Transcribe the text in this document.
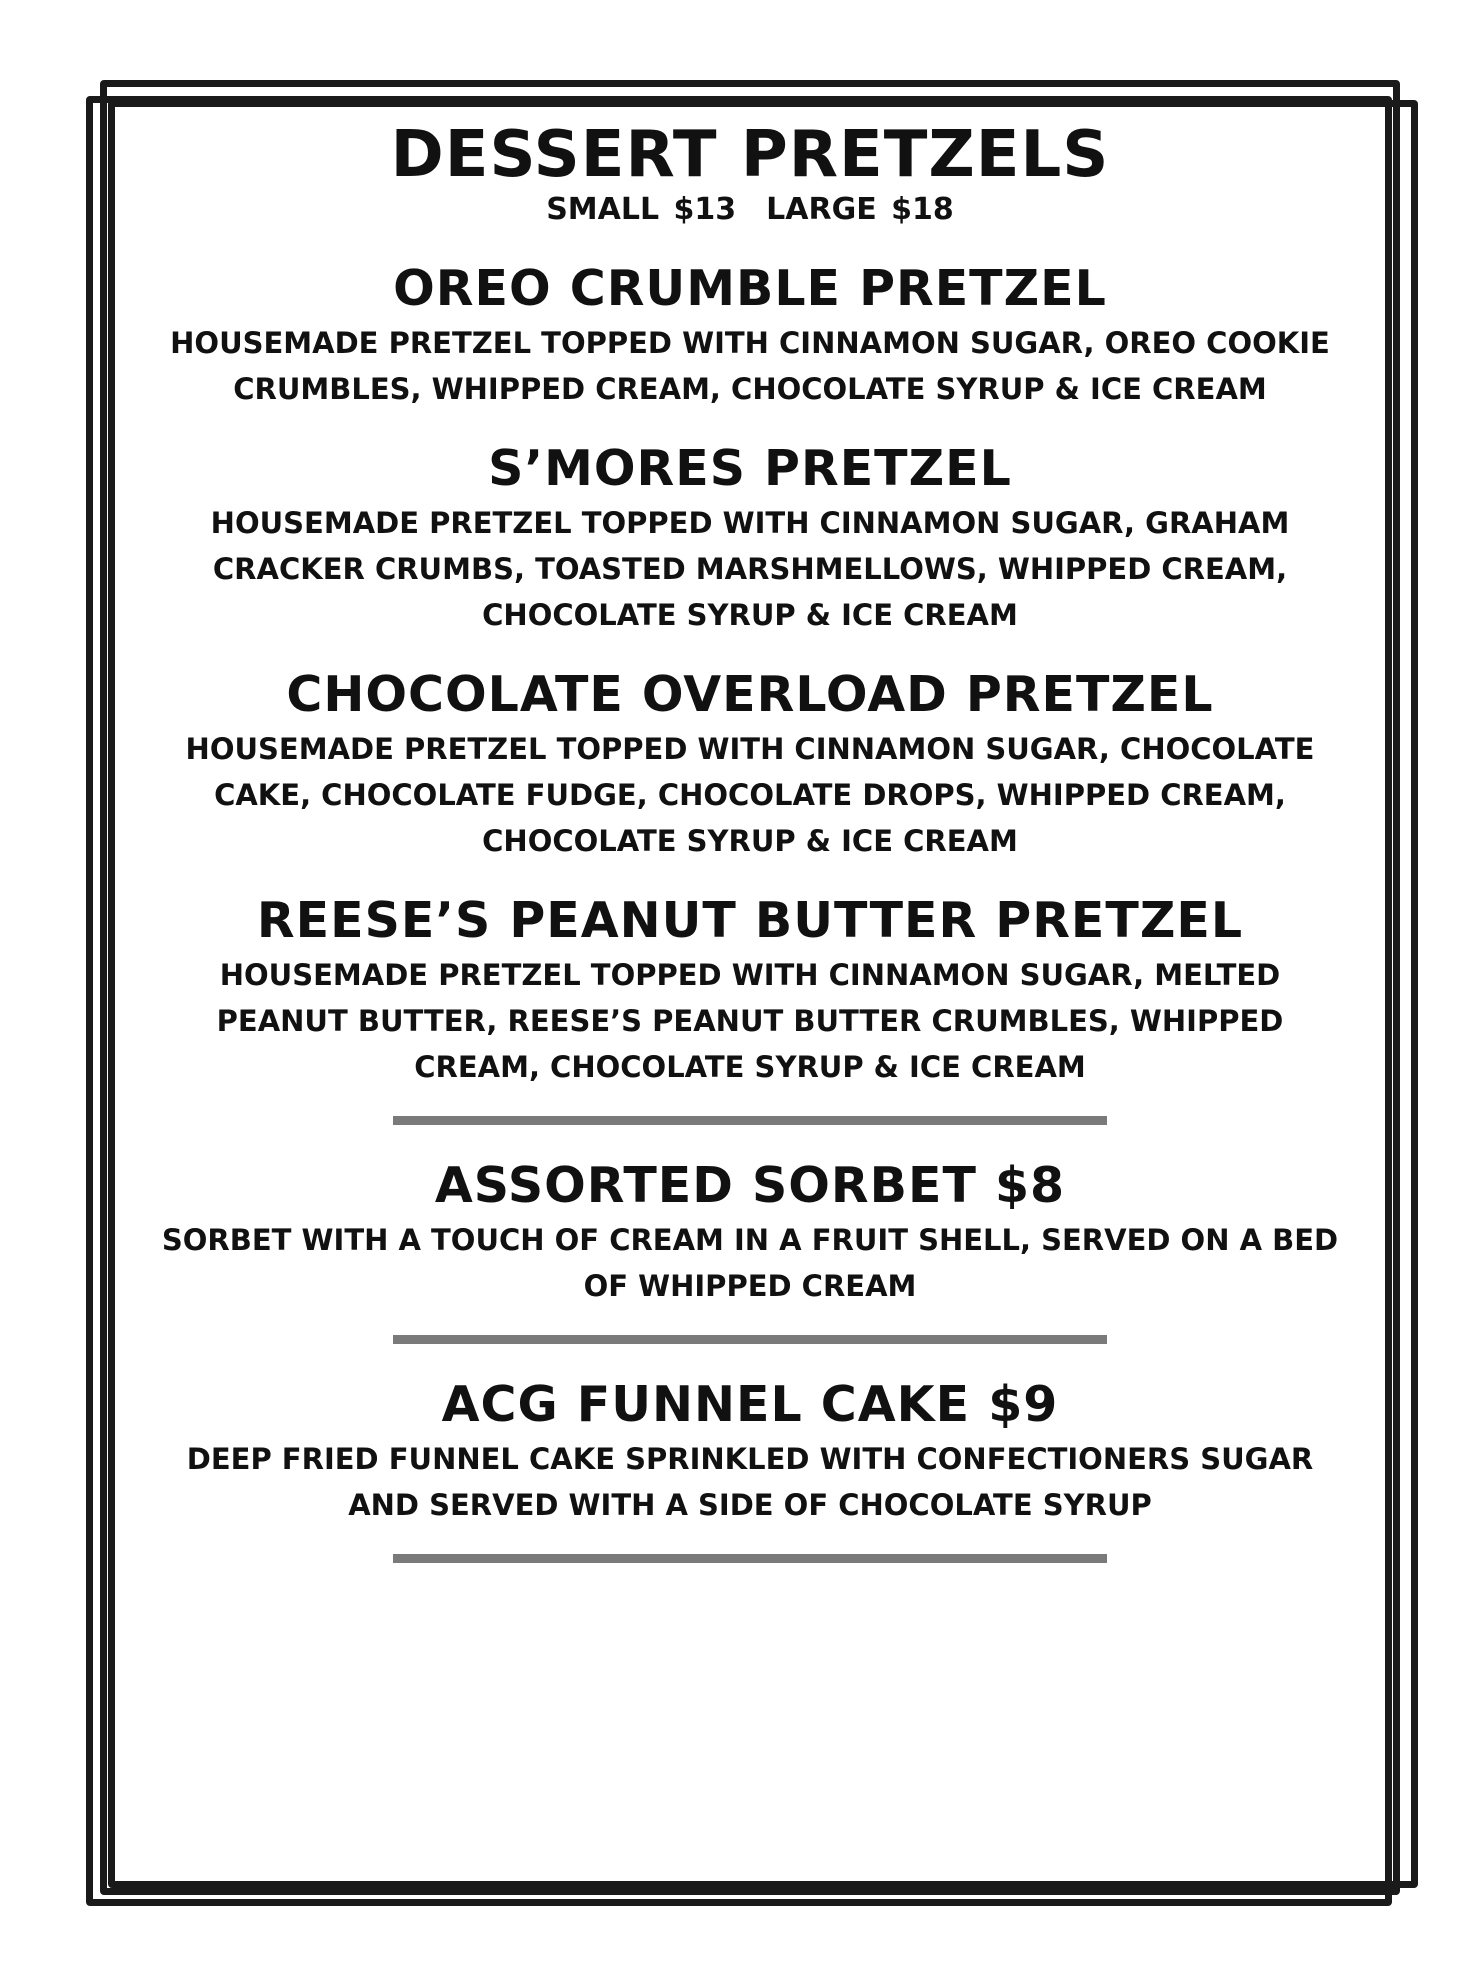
DESSERT PRETZELS

SMALL $13 LARGE $18

OREO CRUMBLE PRETZEL

HOUSEMADE PRETZEL TOPPED WITH CINNAMON SUGAR, OREO COOKIE CRUMBLES, WHIPPED CREAM, CHOCOLATE SYRUP & ICE CREAM

S’MORES PRETZEL

HOUSEMADE PRETZEL TOPPED WITH CINNAMON SUGAR, GRAHAM CRACKER CRUMBS, TOASTED MARSHMELLOWS, WHIPPED CREAM, CHOCOLATE SYRUP & ICE CREAM

CHOCOLATE OVERLOAD PRETZEL

HOUSEMADE PRETZEL TOPPED WITH CINNAMON SUGAR, CHOCOLATE CAKE, CHOCOLATE FUDGE, CHOCOLATE DROPS, WHIPPED CREAM, CHOCOLATE SYRUP & ICE CREAM

REESE’S PEANUT BUTTER PRETZEL

HOUSEMADE PRETZEL TOPPED WITH CINNAMON SUGAR, MELTED PEANUT BUTTER, REESE’S PEANUT BUTTER CRUMBLES, WHIPPED CREAM, CHOCOLATE SYRUP & ICE CREAM

ASSORTED SORBET $8

SORBET WITH A TOUCH OF CREAM IN A FRUIT SHELL, SERVED ON A BED OF WHIPPED CREAM

ACG FUNNEL CAKE $9

DEEP FRIED FUNNEL CAKE SPRINKLED WITH CONFECTIONERS SUGAR AND SERVED WITH A SIDE OF CHOCOLATE SYRUP
